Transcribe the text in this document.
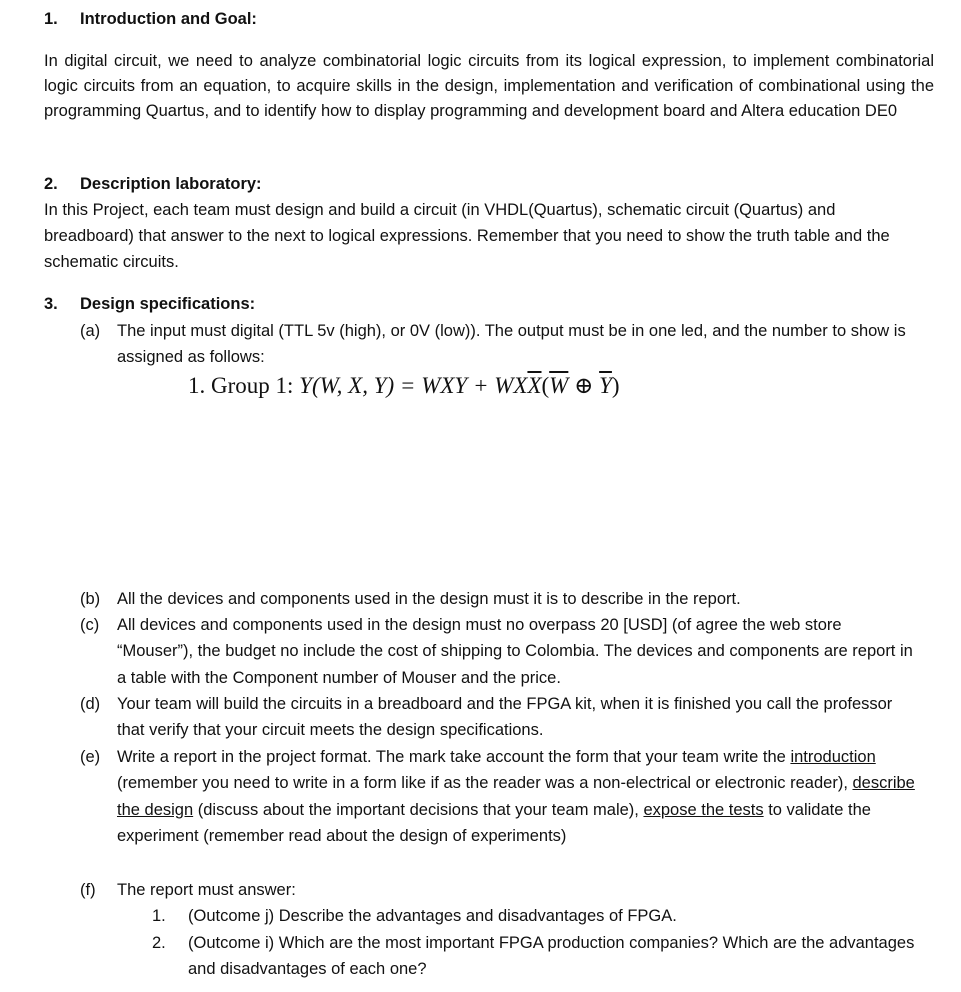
1. Introduction and Goal:
In digital circuit, we need to analyze combinatorial logic circuits from its logical expression, to implement combinatorial logic circuits from an equation, to acquire skills in the design, implementation and verification of combinational using the programming Quartus, and to identify how to display programming and development board and Altera education DE0
2. Description laboratory:
In this Project, each team must design and build a circuit (in VHDL(Quartus), schematic circuit (Quartus) and breadboard) that answer to the next to logical expressions. Remember that you need to show the truth table and the schematic circuits.
3. Design specifications:
(a) The input must digital (TTL 5v (high), or 0V (low)). The output must be in one led, and the number to show is assigned as follows:
1. Group 1: Y(W, X, Y) = WXY + $WX\overline{X}(\overline{W}$ ⊕ $\overline{Y}$)
(b) All the devices and components used in the design must it is to describe in the report.
(c) All devices and components used in the design must no overpass 20 [USD] (of agree the web store “Mouser”), the budget no include the cost of shipping to Colombia. The devices and components are report in a table with the Component number of Mouser and the price.
(d) Your team will build the circuits in a breadboard and the FPGA kit, when it is finished you call the professor that verify that your circuit meets the design specifications.
(e) Write a report in the project format. The mark take account the form that your team write the introduction (remember you need to write in a form like if as the reader was a non-electrical or electronic reader), describe the design (discuss about the important decisions that your team male), expose the tests to validate the experiment (remember read about the design of experiments)
(f) The report must answer:
1. (Outcome j) Describe the advantages and disadvantages of FPGA.
2. (Outcome i) Which are the most important FPGA production companies? Which are the advantages and disadvantages of each one?
